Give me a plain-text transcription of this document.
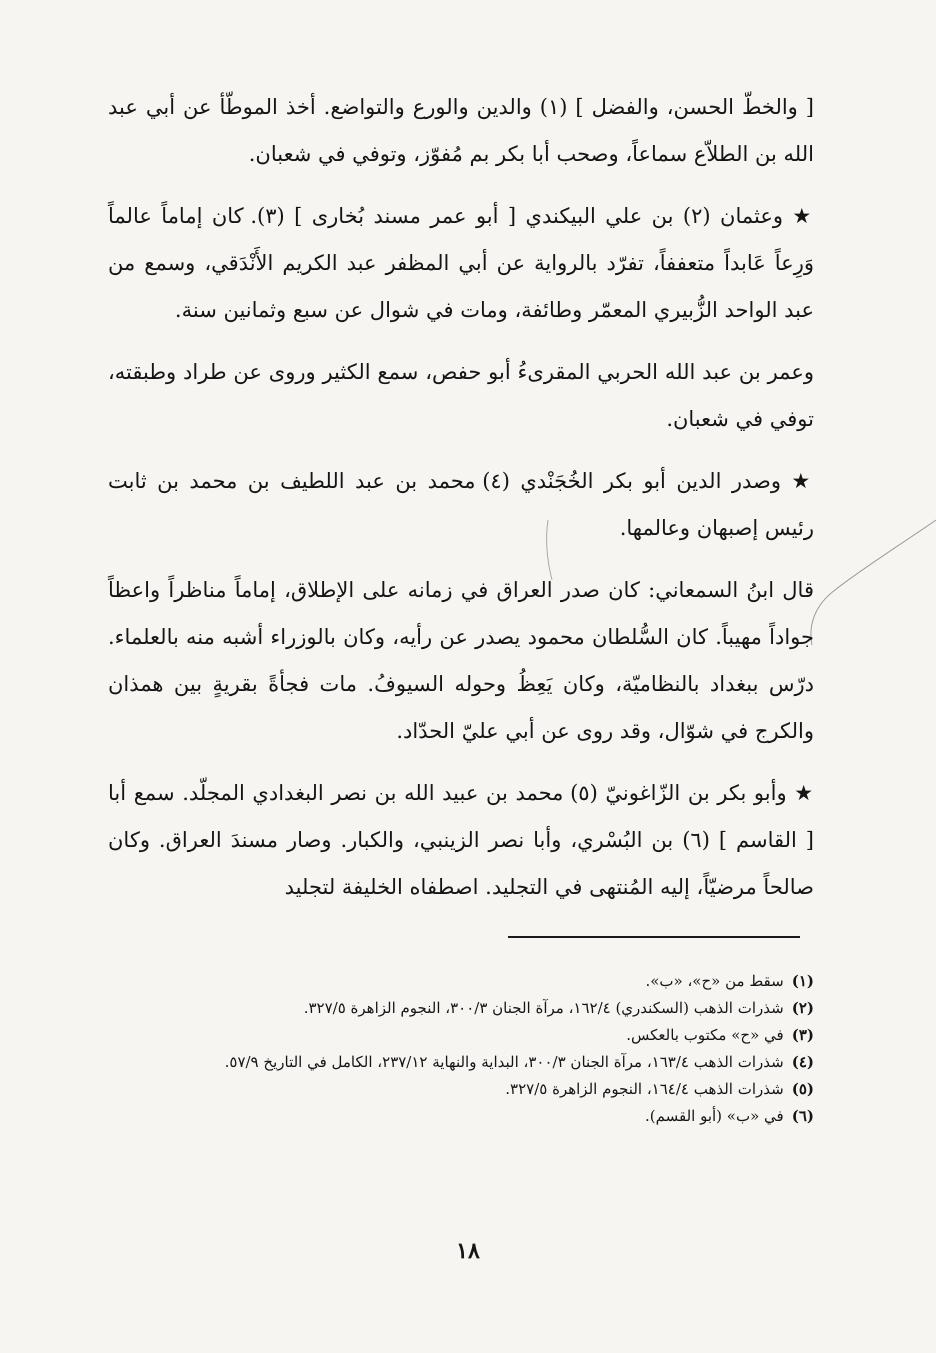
[ والخطّ الحسن، والفضل ] (١) والدين والورع والتواضع. أخذ الموطّأ عن أبي عبد الله بن الطلاّع سماعاً، وصحب أبا بكر بم مُفوّز، وتوفي في شعبان.

★ وعثمان (٢) بن علي البيكندي [ أبو عمر مسند بُخارى ] (٣). كان إماماً عالماً وَرِعاً عَابداً متعففاً، تفرّد بالرواية عن أبي المظفر عبد الكريم الأَنْدَقي، وسمع من عبد الواحد الزُّبيري المعمّر وطائفة، ومات في شوال عن سبع وثمانين سنة.

وعمر بن عبد الله الحربي المقرىءُ أبو حفص، سمع الكثير وروى عن طراد وطبقته، توفي في شعبان.

★ وصدر الدين أبو بكر الخُجَنْدي (٤) محمد بن عبد اللطيف بن محمد بن ثابت رئيس إصبهان وعالمها.

قال ابنُ السمعاني: كان صدر العراق في زمانه على الإطلاق، إماماً مناظراً واعظاً جواداً مهيباً. كان السُّلطان محمود يصدر عن رأيه، وكان بالوزراء أشبه منه بالعلماء. درّس ببغداد بالنظاميّة، وكان يَعِظُ وحوله السيوفُ. مات فجأةً بقريةٍ بين همذان والكرج في شوّال، وقد روى عن أبي عليّ الحدّاد.

★ وأبو بكر بن الزّاغونيّ (٥) محمد بن عبيد الله بن نصر البغدادي المجلّد. سمع أبا [ القاسم ] (٦) بن البُسْري، وأبا نصر الزينبي، والكبار. وصار مسندَ العراق. وكان صالحاً مرضيّاً، إليه المُنتهى في التجليد. اصطفاه الخليفة لتجليد

(١)
سقط من «ح»، «ب».

(٢)
شذرات الذهب (السكندري) ١٦٢/٤، مرآة الجنان ٣٠٠/٣، النجوم الزاهرة ٣٢٧/٥.

(٣)
في «ح» مكتوب بالعكس.

(٤)
شذرات الذهب ١٦٣/٤، مرآة الجنان ٣٠٠/٣، البداية والنهاية ٢٣٧/١٢، الكامل في التاريخ ٥٧/٩.

(٥)
شذرات الذهب ١٦٤/٤، النجوم الزاهرة ٣٢٧/٥.

(٦)
في «ب» (أبو القسم).

١٨
